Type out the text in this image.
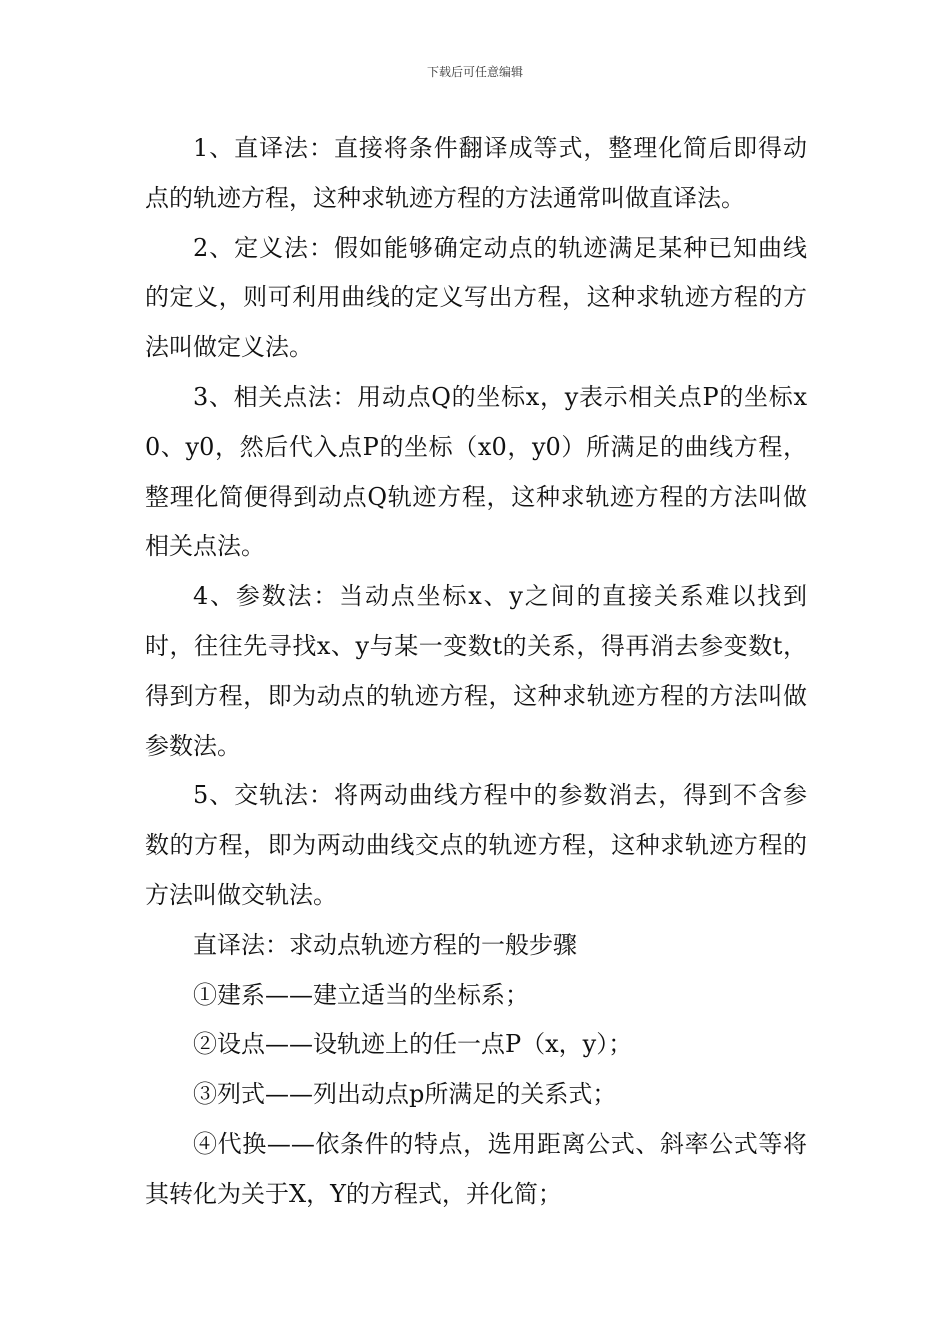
下载后可任意编辑

1、直译法：直接将条件翻译成等式，整理化简后即得动点的轨迹方程，这种求轨迹方程的方法通常叫做直译法。

2、定义法：假如能够确定动点的轨迹满足某种已知曲线的定义，则可利用曲线的定义写出方程，这种求轨迹方程的方法叫做定义法。

3、相关点法：用动点Q的坐标x，y表示相关点P的坐标x0、y0，然后代入点P的坐标（x0，y0）所满足的曲线方程，整理化简便得到动点Q轨迹方程，这种求轨迹方程的方法叫做相关点法。

4、参数法：当动点坐标x、y之间的直接关系难以找到时，往往先寻找x、y与某一变数t的关系，得再消去参变数t，得到方程，即为动点的轨迹方程，这种求轨迹方程的方法叫做参数法。

5、交轨法：将两动曲线方程中的参数消去，得到不含参数的方程，即为两动曲线交点的轨迹方程，这种求轨迹方程的方法叫做交轨法。

直译法：求动点轨迹方程的一般步骤

①建系——建立适当的坐标系；

②设点——设轨迹上的任一点P（x，y）；

③列式——列出动点p所满足的关系式；

④代换——依条件的特点，选用距离公式、斜率公式等将其转化为关于X，Y的方程式，并化简；
